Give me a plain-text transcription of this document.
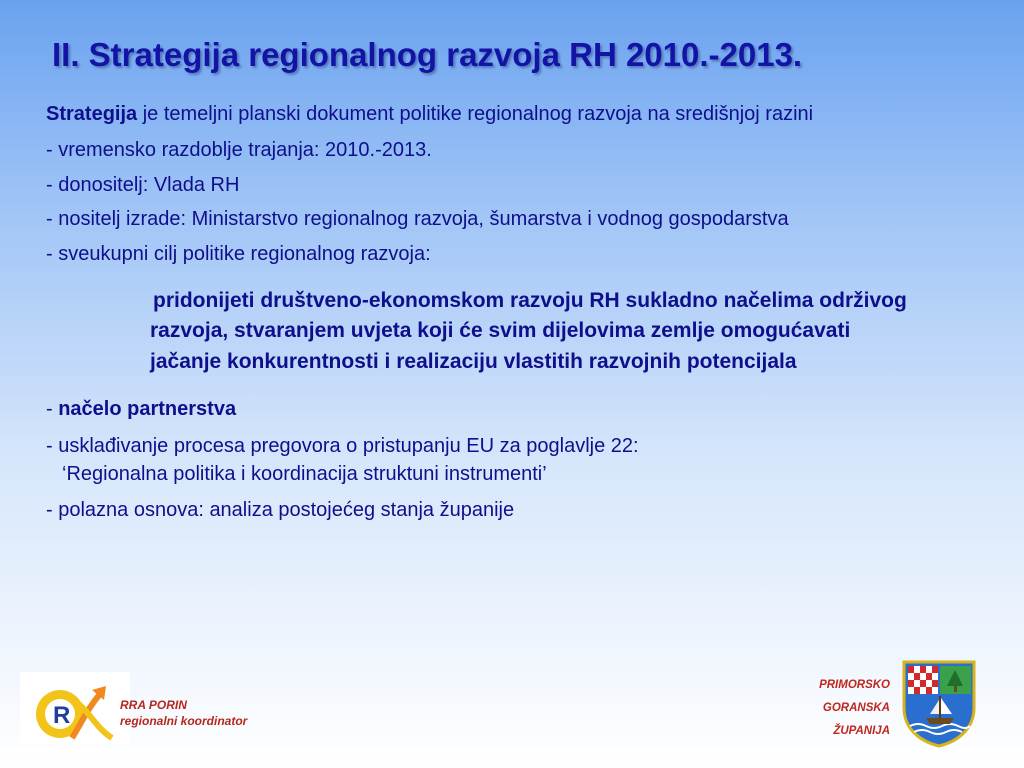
II. Strategija regionalnog razvoja RH 2010.-2013.

Strategija je temeljni planski dokument politike regionalnog razvoja na središnjoj razini

- vremensko razdoblje trajanja: 2010.-2013.

- donositelj: Vlada RH

- nositelj izrade: Ministarstvo regionalnog razvoja, šumarstva i vodnog gospodarstva

- sveukupni cilj politike regionalnog razvoja:

pridonijeti društveno-ekonomskom razvoju RH sukladno načelima održivog razvoja, stvaranjem uvjeta koji će svim dijelovima zemlje omogućavati jačanje konkurentnosti i realizaciju vlastitih razvojnih potencijala

- načelo partnerstva

- usklađivanje procesa pregovora o pristupanju EU za poglavlje 22:
‘Regionalna politika i koordinacija struktuni instrumenti’

- polazna osnova: analiza postojećeg stanja županije

R	RRA PORIN
regionalni koordinator
PRIMORSKO
GORANSKA
ŽUPANIJA
